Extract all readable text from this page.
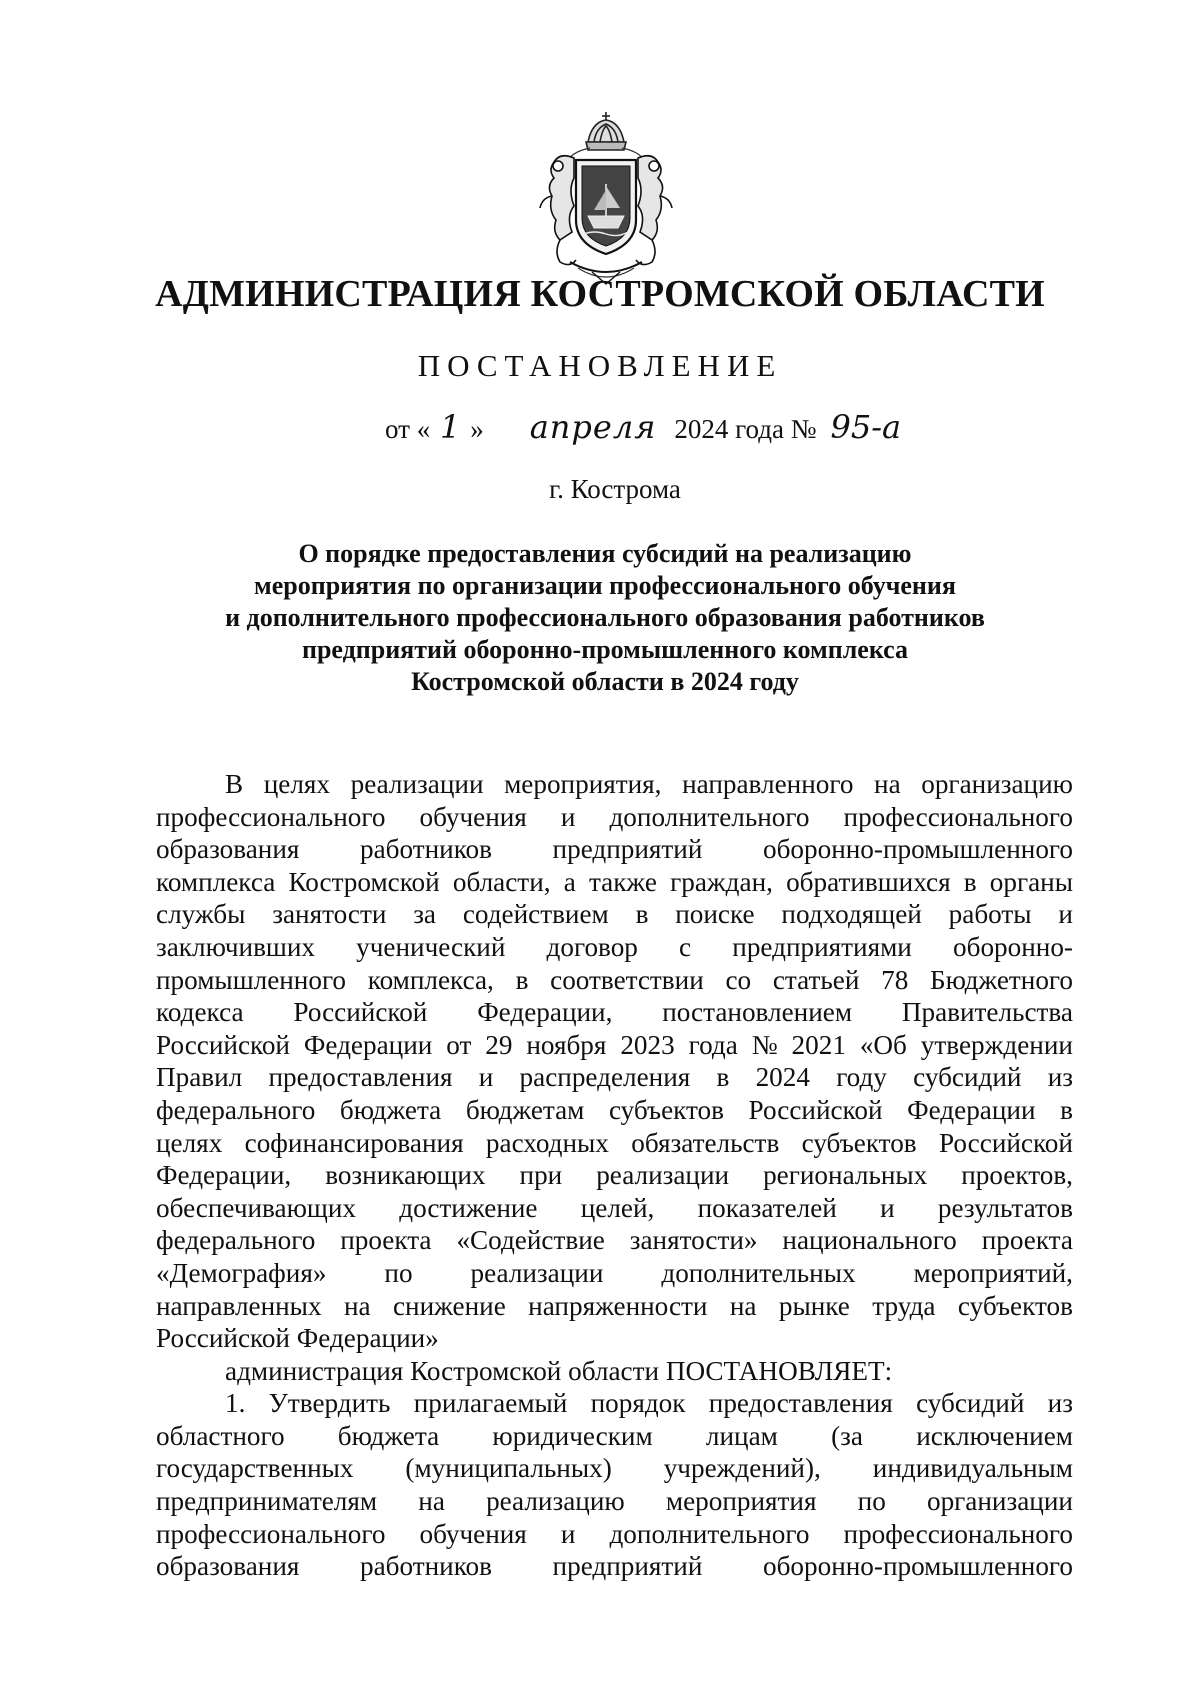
АДМИНИСТРАЦИЯ КОСТРОМСКОЙ ОБЛАСТИ
ПОСТАНОВЛЕНИЕ
от « 1 » апреля 2024 года № 95-а
г. Кострома
О порядке предоставления субсидий на реализацию
мероприятия по организации профессионального обучения
и дополнительного профессионального образования работников
предприятий оборонно-промышленного комплекса
Костромской области в 2024 году
В целях реализации мероприятия, направленного на организацию
профессионального обучения и дополнительного профессионального
образования работников предприятий оборонно-промышленного
комплекса Костромской области, а также граждан, обратившихся в органы
службы занятости за содействием в поиске подходящей работы и
заключивших ученический договор с предприятиями оборонно-
промышленного комплекса, в соответствии со статьей 78 Бюджетного
кодекса Российской Федерации, постановлением Правительства
Российской Федерации от 29 ноября 2023 года № 2021 «Об утверждении
Правил предоставления и распределения в 2024 году субсидий из
федерального бюджета бюджетам субъектов Российской Федерации в
целях софинансирования расходных обязательств субъектов Российской
Федерации, возникающих при реализации региональных проектов,
обеспечивающих достижение целей, показателей и результатов
федерального проекта «Содействие занятости» национального проекта
«Демография» по реализации дополнительных мероприятий,
направленных на снижение напряженности на рынке труда субъектов
Российской Федерации»
администрация Костромской области ПОСТАНОВЛЯЕТ:
1. Утвердить прилагаемый порядок предоставления субсидий из
областного бюджета юридическим лицам (за исключением
государственных (муниципальных) учреждений), индивидуальным
предпринимателям на реализацию мероприятия по организации
профессионального обучения и дополнительного профессионального
образования работников предприятий оборонно-промышленного
